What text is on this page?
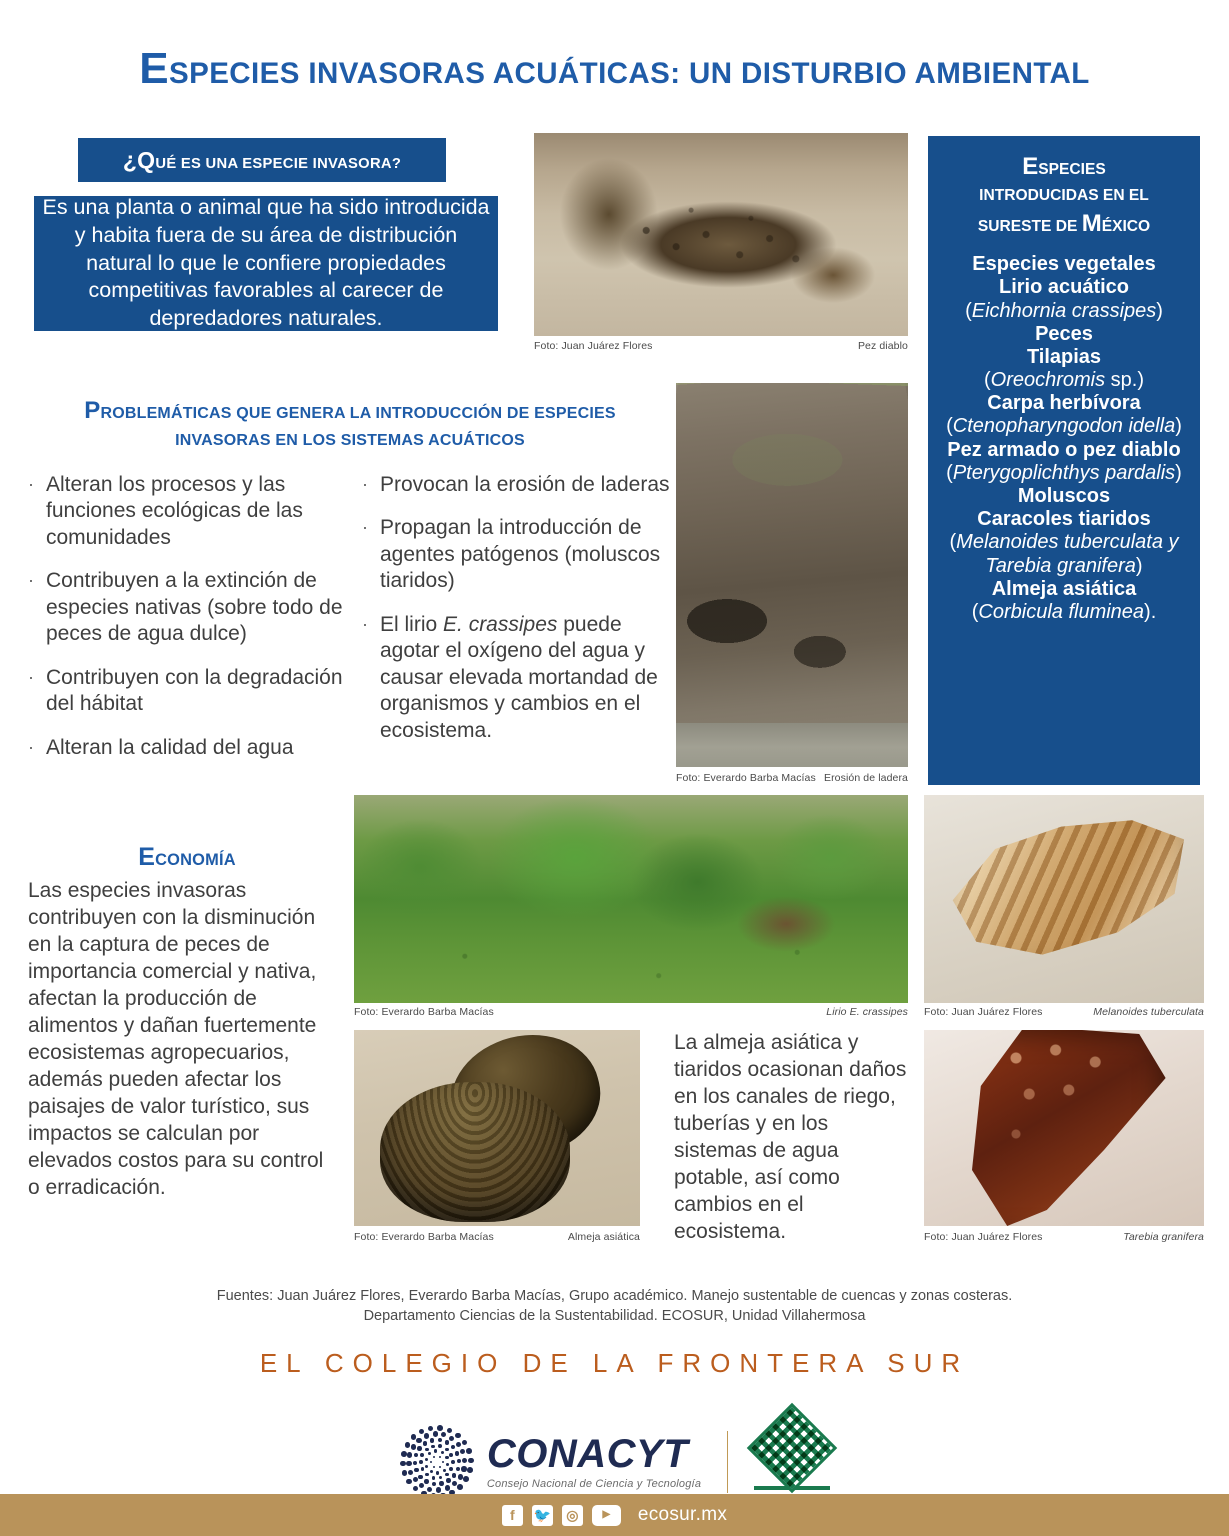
ESPECIES INVASORAS ACUÁTICAS: UN DISTURBIO AMBIENTAL
¿QUÉ ES UNA ESPECIE INVASORA?
Es una planta o animal que ha sido introducida y habita fuera de su área de distribución natural lo que le confiere propiedades competitivas favorables al carecer de depredadores naturales.
ESPECIES
INTRODUCIDAS EN EL
SURESTE DE MÉXICO
Especies vegetales
Lirio acuático
(Eichhornia crassipes)
Peces
Tilapias
(Oreochromis sp.)
Carpa herbívora
(Ctenopharyngodon idella)
Pez armado o pez diablo
(Pterygoplichthys pardalis)
Moluscos
Caracoles tiaridos
(Melanoides tuberculata y Tarebia granifera)
Almeja asiática
(Corbicula fluminea).
PROBLEMÁTICAS QUE GENERA LA INTRODUCCIÓN DE ESPECIES
INVASORAS EN LOS SISTEMAS ACUÁTICOS
· Alteran los procesos y las funciones ecológicas de las comunidades
· Contribuyen a la extinción de especies nativas (sobre todo de peces de agua dulce)
· Contribuyen con la degradación del hábitat
· Alteran la calidad del agua
· Provocan la erosión de laderas
· Propagan la introducción de agentes patógenos (moluscos tiaridos)
· El lirio E. crassipes puede agotar el oxígeno del agua y causar elevada mortandad de organismos y cambios en el ecosistema.
ECONOMÍA
Las especies invasoras contribuyen con la disminución en la captura de peces de importancia comercial y nativa, afectan la producción de alimentos y dañan fuertemente ecosistemas agropecuarios, además pueden afectar los paisajes de valor turístico, sus impactos se calculan por elevados costos para su control o erradicación.
La almeja asiática y tiaridos ocasionan daños en los canales de riego, tuberías y en los sistemas de agua potable, así como cambios en el ecosistema.
Foto: Juan Juárez Flores	Pez diablo
Foto: Everardo Barba Macías Erosión de ladera
Foto: Everardo Barba Macías	Lirio E. crassipes Foto: Juan Juárez Flores	Melanoides tuberculata
Foto: Everardo Barba Macías	Almeja asiática	Foto: Juan Juárez Flores	Tarebia granifera
Fuentes: Juan Juárez Flores, Everardo Barba Macías, Grupo académico. Manejo sustentable de cuencas y zonas costeras.
Departamento Ciencias de la Sustentabilidad. ECOSUR, Unidad Villahermosa
EL COLEGIO DE LA FRONTERA SUR
CONACYT
Consejo Nacional de Ciencia y Tecnología
f	🐦	◎	▶	ecosur.mx
